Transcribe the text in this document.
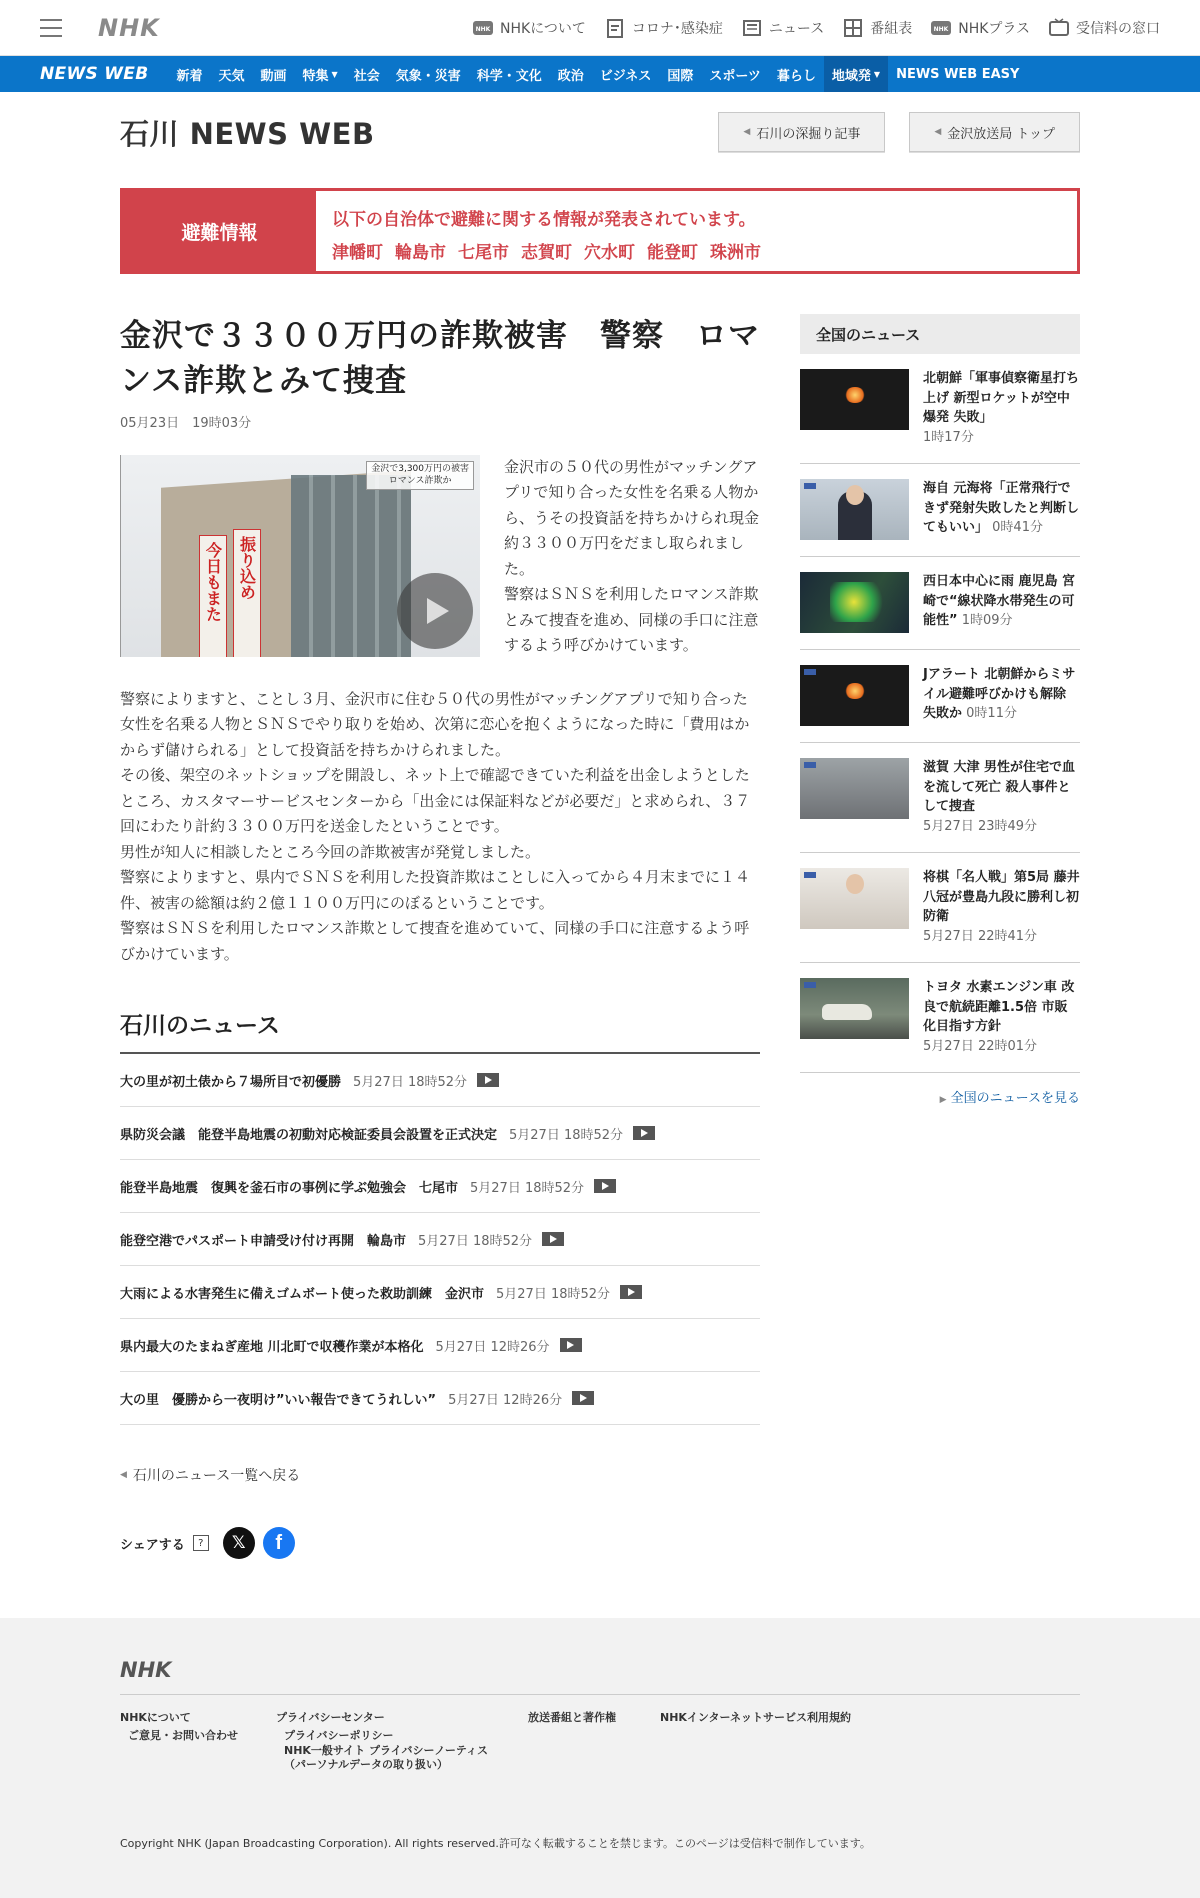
NHK	NHK NHKについて	コロナ･感染症	ニュース	番組表	NHK NHKプラス	受信料の窓口
NEWS WEB	新着	天気	動画	特集 ▼	社会	気象・災害	科学・文化	政治	ビジネス	国際	スポーツ	暮らし	地域発 ▼	NEWS WEB EASY
石川 NEWS WEB	◀ 石川の深掘り記事	◀ 金沢放送局 トップ
避難情報
以下の自治体で避難に関する情報が発表されています。
津幡町 輪島市 七尾市 志賀町 穴水町 能登町 珠洲市
金沢で３３００万円の詐欺被害　警察　ロマンス詐欺とみて捜査
05月23日　19時03分
今日もまた 振り込め
金沢で3,300万円の被害
ロマンス詐欺か
金沢市の５０代の男性がマッチングアプリで知り合った女性を名乗る人物から、うその投資話を持ちかけられ現金約３３００万円をだまし取られました。
警察はＳＮＳを利用したロマンス詐欺とみて捜査を進め、同様の手口に注意するよう呼びかけています。

警察によりますと、ことし３月、金沢市に住む５０代の男性がマッチングアプリで知り合った女性を名乗る人物とＳＮＳでやり取りを始め、次第に恋心を抱くようになった時に「費用はかからず儲けられる」として投資話を持ちかけられました。

その後、架空のネットショップを開設し、ネット上で確認できていた利益を出金しようとしたところ、カスタマーサービスセンターから「出金には保証料などが必要だ」と求められ、３７回にわたり計約３３００万円を送金したということです。

男性が知人に相談したところ今回の詐欺被害が発覚しました。

警察によりますと、県内でＳＮＳを利用した投資詐欺はことしに入ってから４月末までに１４件、被害の総額は約２億１１００万円にのぼるということです。

警察はＳＮＳを利用したロマンス詐欺として捜査を進めていて、同様の手口に注意するよう呼びかけています。

石川のニュース
大の里が初土俵から７場所目で初優勝 5月27日 18時52分
県防災会議　能登半島地震の初動対応検証委員会設置を正式決定 5月27日 18時52分
能登半島地震　復興を釜石市の事例に学ぶ勉強会　七尾市 5月27日 18時52分
能登空港でパスポート申請受け付け再開　輪島市 5月27日 18時52分
大雨による水害発生に備えゴムボート使った救助訓練　金沢市 5月27日 18時52分
県内最大のたまねぎ産地 川北町で収穫作業が本格化 5月27日 12時26分
大の里　優勝から一夜明け”いい報告できてうれしい” 5月27日 12時26分
◀ 石川のニュース一覧へ戻る
シェアする	?	𝕏	f
全国のニュース
北朝鮮「軍事偵察衛星打ち上げ 新型ロケットが空中爆発 失敗」
1時17分
海自 元海将「正常飛行できず発射失敗したと判断してもいい」 0時41分
西日本中心に雨 鹿児島 宮崎で“線状降水帯発生の可能性” 1時09分
Jアラート 北朝鮮からミサイル避難呼びかけも解除 失敗か 0時11分
滋賀 大津 男性が住宅で血を流して死亡 殺人事件として捜査
5月27日 23時49分
将棋「名人戦」第5局 藤井八冠が豊島九段に勝利し初防衛
5月27日 22時41分
トヨタ 水素エンジン車 改良で航続距離1.5倍 市販化目指す方針
5月27日 22時01分
▶ 全国のニュースを見る
NHK
NHKについて
ご意見・お問い合わせ
プライバシーセンター
プライバシーポリシー
NHK一般サイト プライバシーノーティス
（パーソナルデータの取り扱い）
放送番組と著作権	NHKインターネットサービス利用規約
Copyright NHK (Japan Broadcasting Corporation). All rights reserved.許可なく転載することを禁じます。このページは受信料で制作しています。
